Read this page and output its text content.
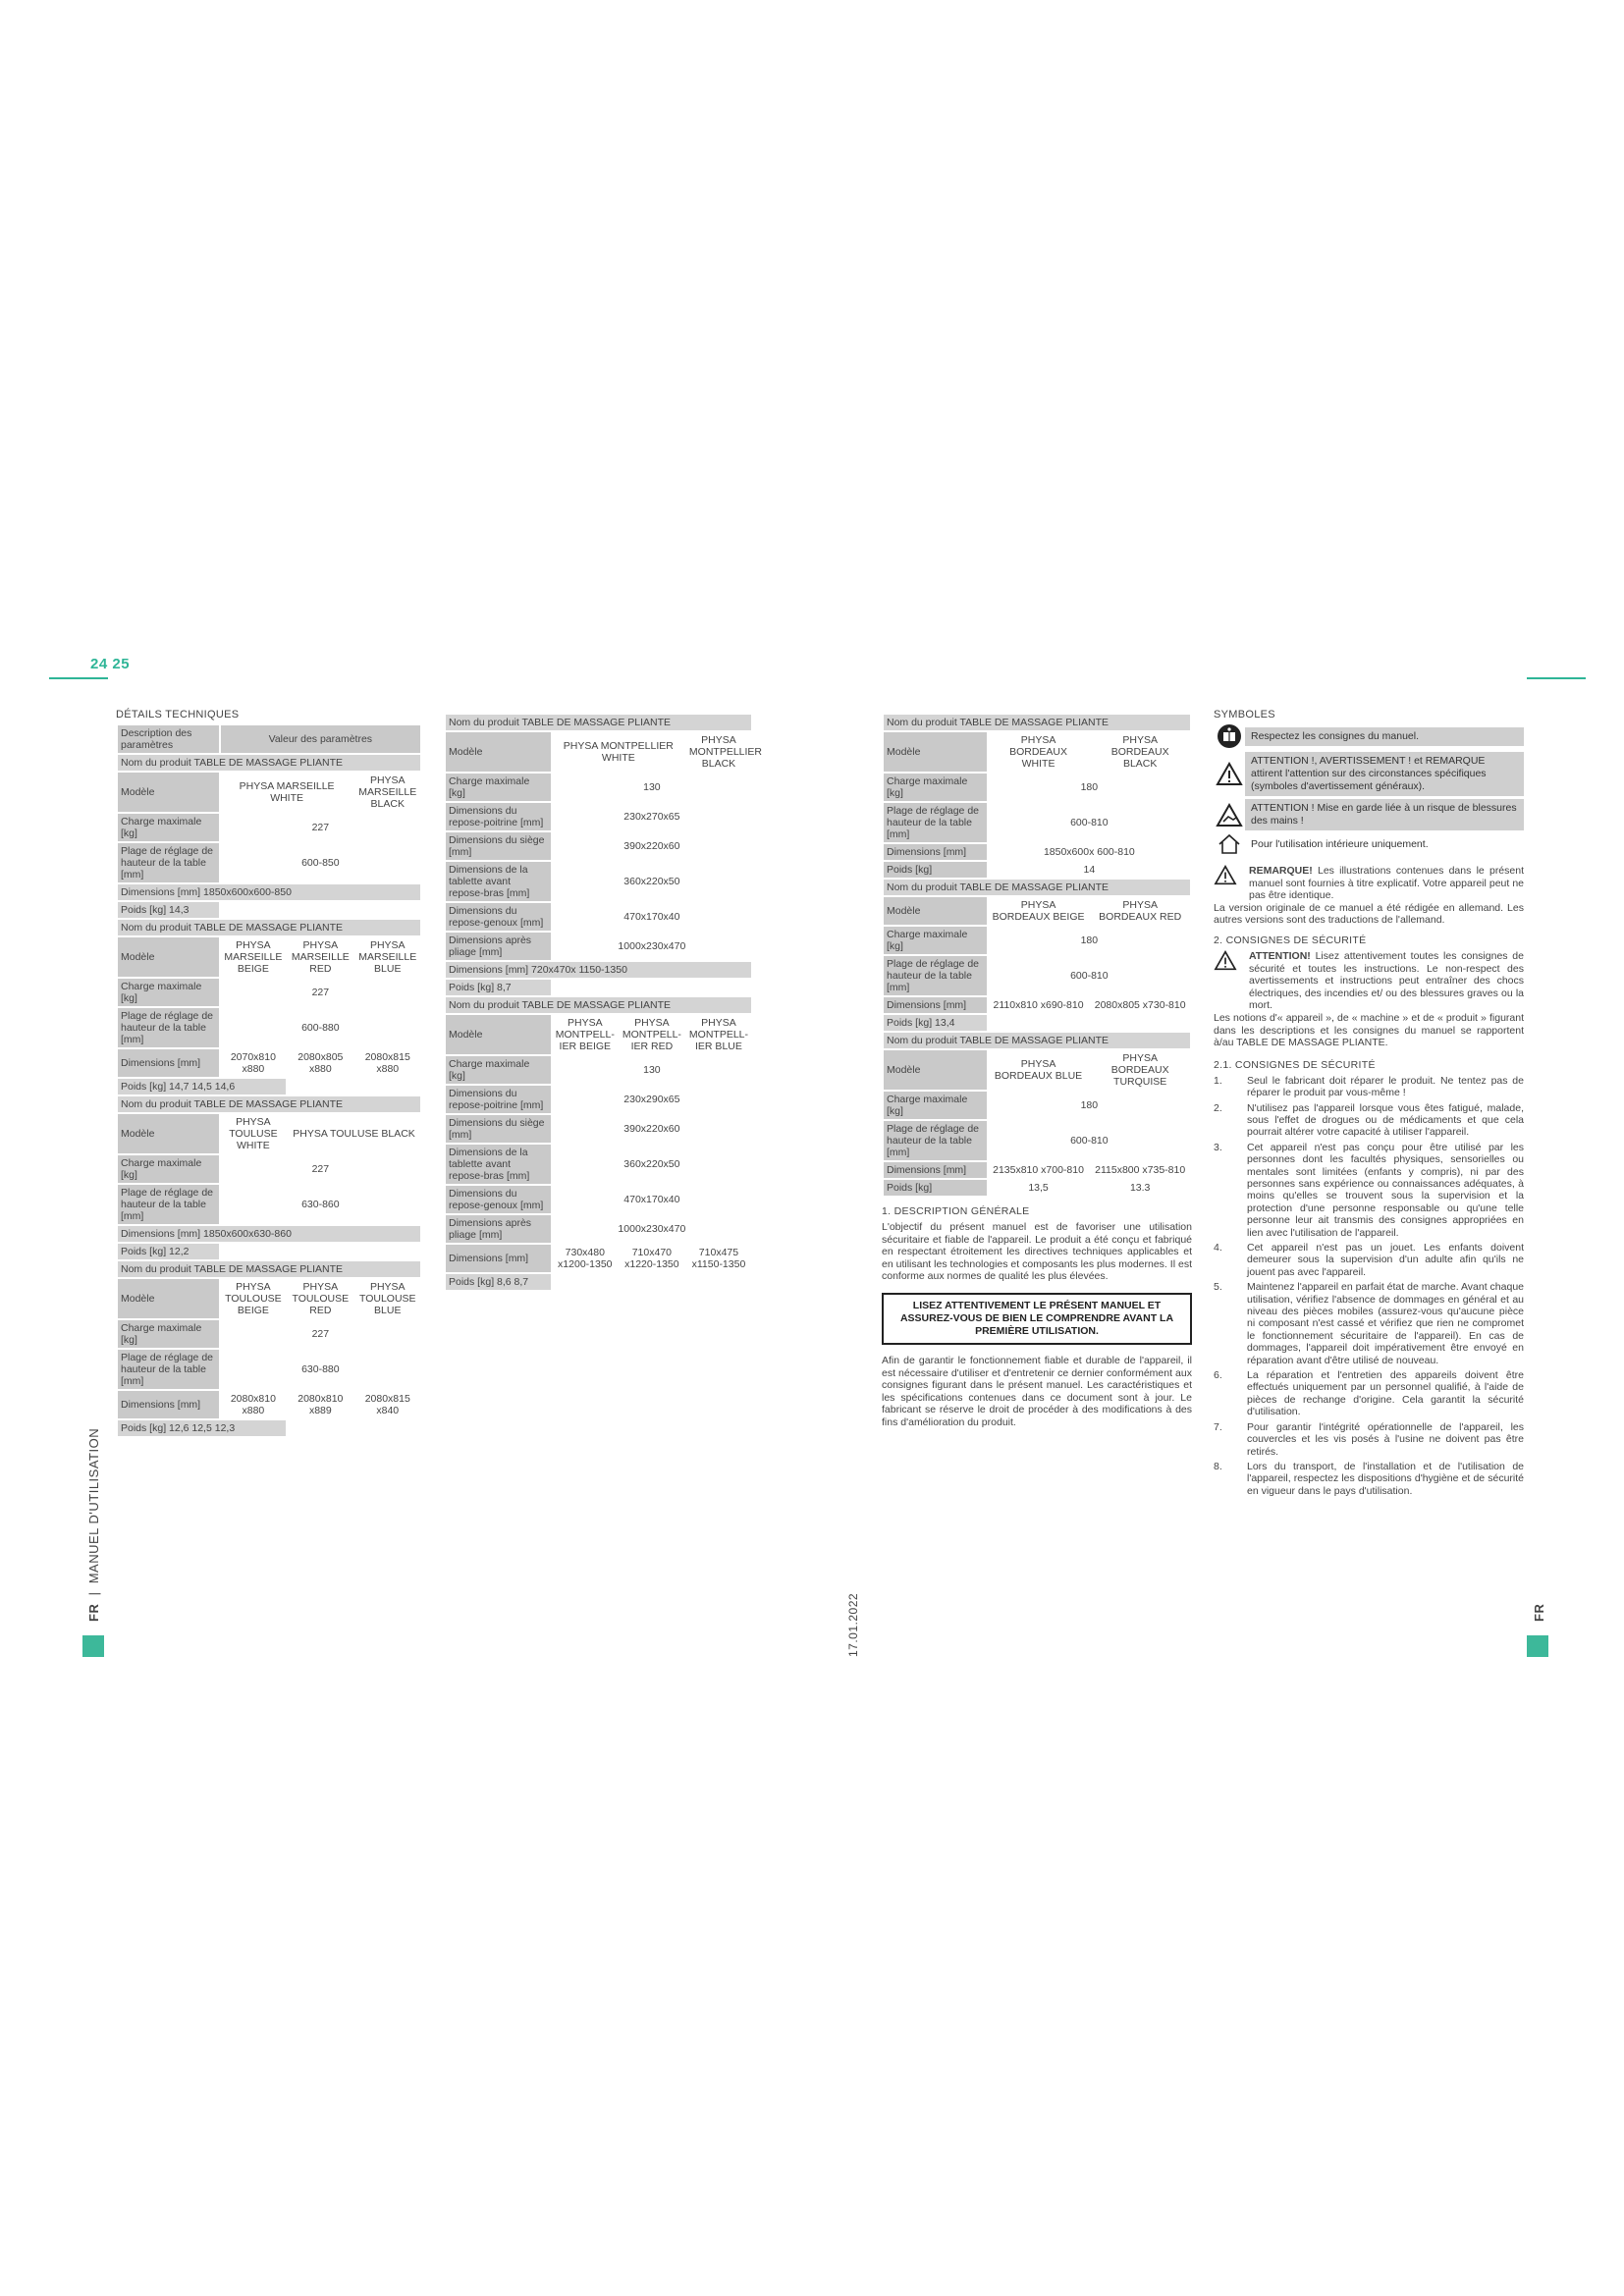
24 25
FR  |  MANUEL D'UTILISATION
17.01.2022	FR
DÉTAILS TECHNIQUES
Description des paramètres	Valeur des paramètres		
Nom du produit TABLE DE MASSAGE PLIANTE			
Modèle	PHYSA MARSEILLE WHITE		PHYSA MARSEILLE BLACK
Charge maximale [kg]	227		
Plage de réglage de hauteur de la table [mm]	600-850		
Dimensions [mm] 1850x600x600-850			
Poids [kg] 14,3			
Nom du produit TABLE DE MASSAGE PLIANTE			
Modèle	PHYSA MARSEILLE BEIGE	PHYSA MARSEILLE RED	PHYSA MARSEILLE BLUE
Charge maximale [kg]	227		
Plage de réglage de hauteur de la table [mm]	600-880		
Dimensions [mm]	2070x810 x880	2080x805 x880	2080x815 x880
Poids [kg] 14,7 14,5 14,6			
Nom du produit TABLE DE MASSAGE PLIANTE			
Modèle	PHYSA TOULUSE WHITE	PHYSA TOULUSE BLACK	
Charge maximale [kg]	227		
Plage de réglage de hauteur de la table [mm]	630-860		
Dimensions [mm] 1850x600x630-860			
Poids [kg] 12,2			
Nom du produit TABLE DE MASSAGE PLIANTE			
Modèle	PHYSA TOULOUSE BEIGE	PHYSA TOULOUSE RED	PHYSA TOULOUSE BLUE
Charge maximale [kg]	227		
Plage de réglage de hauteur de la table [mm]	630-880		
Dimensions [mm]	2080x810 x880	2080x810 x889	2080x815 x840
Poids [kg] 12,6 12,5 12,3			
Nom du produit TABLE DE MASSAGE PLIANTE			
Modèle	PHYSA MONTPELLIER WHITE		PHYSA MONTPELLIER BLACK
Charge maximale [kg]	130		
Dimensions du repose-poitrine [mm]	230x270x65		
Dimensions du siège [mm]	390x220x60		
Dimensions de la tablette avant repose-bras [mm]	360x220x50		
Dimensions du repose-genoux [mm]	470x170x40		
Dimensions après pliage [mm]	1000x230x470		
Dimensions [mm] 720x470x 1150-1350			
Poids [kg] 8,7			
Nom du produit TABLE DE MASSAGE PLIANTE			
Modèle	PHYSA MONTPELL-IER BEIGE	PHYSA MONTPELL-IER RED	PHYSA MONTPELL-IER BLUE
Charge maximale [kg]	130		
Dimensions du repose-poitrine [mm]	230x290x65		
Dimensions du siège [mm]	390x220x60		
Dimensions de la tablette avant repose-bras [mm]	360x220x50		
Dimensions du repose-genoux [mm]	470x170x40		
Dimensions après pliage [mm]	1000x230x470		
Dimensions [mm]	730x480 x1200-1350	710x470 x1220-1350	710x475 x1150-1350
Poids [kg] 8,6 8,7			
Nom du produit TABLE DE MASSAGE PLIANTE		
Modèle	PHYSA BORDEAUX WHITE	PHYSA BORDEAUX BLACK
Charge maximale [kg]	180	
Plage de réglage de hauteur de la table [mm]	600-810	
Dimensions [mm]	1850x600x 600-810	
Poids [kg]	14	
Nom du produit TABLE DE MASSAGE PLIANTE		
Modèle	PHYSA BORDEAUX BEIGE	PHYSA BORDEAUX RED
Charge maximale [kg]	180	
Plage de réglage de hauteur de la table [mm]	600-810	
Dimensions [mm]	2110x810 x690-810	2080x805 x730-810
Poids [kg] 13,4		
Nom du produit TABLE DE MASSAGE PLIANTE		
Modèle	PHYSA BORDEAUX BLUE	PHYSA BORDEAUX TURQUISE
Charge maximale [kg]	180	
Plage de réglage de hauteur de la table [mm]	600-810	
Dimensions [mm]	2135x810 x700-810	2115x800 x735-810
Poids [kg]	13,5	13.3
1. DESCRIPTION GÉNÉRALE

L'objectif du présent manuel est de favoriser une utilisation sécuritaire et fiable de l'appareil. Le produit a été conçu et fabriqué en respectant étroitement les directives techniques applicables et en utilisant les technologies et composants les plus modernes. Il est conforme aux normes de qualité les plus élevées.

LISEZ ATTENTIVEMENT LE PRÉSENT MANUEL ET ASSUREZ-VOUS DE BIEN LE COMPRENDRE AVANT LA PREMIÈRE UTILISATION.

Afin de garantir le fonctionnement fiable et durable de l'appareil, il est nécessaire d'utiliser et d'entretenir ce dernier conformément aux consignes figurant dans le présent manuel. Les caractéristiques et les spécifications contenues dans ce document sont à jour. Le fabricant se réserve le droit de procéder à des modifications à des fins d'amélioration du produit.

SYMBOLES
Respectez les consignes du manuel.
ATTENTION !, AVERTISSEMENT ! et REMARQUE attirent l'attention sur des circonstances spécifiques (symboles d'avertissement généraux).
ATTENTION ! Mise en garde liée à un risque de blessures des mains !
Pour l'utilisation intérieure uniquement.
REMARQUE! Les illustrations contenues dans le présent manuel sont fournies à titre explicatif. Votre appareil peut ne pas être identique.

La version originale de ce manuel a été rédigée en allemand. Les autres versions sont des traductions de l'allemand.

2. CONSIGNES DE SÉCURITÉ
ATTENTION! Lisez attentivement toutes les consignes de sécurité et toutes les instructions. Le non-respect des avertissements et instructions peut entraîner des chocs électriques, des incendies et/ ou des blessures graves ou la mort.

Les notions d'« appareil », de « machine » et de « produit » figurant dans les descriptions et les consignes du manuel se rapportent à/au TABLE DE MASSAGE PLIANTE.

2.1. CONSIGNES DE SÉCURITÉ
1.	Seul le fabricant doit réparer le produit. Ne tentez pas de réparer le produit par vous-même !
2.	N'utilisez pas l'appareil lorsque vous êtes fatigué, malade, sous l'effet de drogues ou de médicaments et que cela pourrait altérer votre capacité à utiliser l'appareil.
3.	Cet appareil n'est pas conçu pour être utilisé par les personnes dont les facultés physiques, sensorielles ou mentales sont limitées (enfants y compris), ni par des personnes sans expérience ou connaissances adéquates, à moins qu'elles se trouvent sous la supervision et la protection d'une personne responsable ou qu'une telle personne leur ait transmis des consignes appropriées en lien avec l'utilisation de l'appareil.
4.	Cet appareil n'est pas un jouet. Les enfants doivent demeurer sous la supervision d'un adulte afin qu'ils ne jouent pas avec l'appareil.
5.	Maintenez l'appareil en parfait état de marche. Avant chaque utilisation, vérifiez l'absence de dommages en général et au niveau des pièces mobiles (assurez-vous qu'aucune pièce ni composant n'est cassé et vérifiez que rien ne compromet le fonctionnement sécuritaire de l'appareil). En cas de dommages, l'appareil doit impérativement être envoyé en réparation avant d'être utilisé de nouveau.
6.	La réparation et l'entretien des appareils doivent être effectués uniquement par un personnel qualifié, à l'aide de pièces de rechange d'origine. Cela garantit la sécurité d'utilisation.
7.	Pour garantir l'intégrité opérationnelle de l'appareil, les couvercles et les vis posés à l'usine ne doivent pas être retirés.
8.	Lors du transport, de l'installation et de l'utilisation de l'appareil, respectez les dispositions d'hygiène et de sécurité en vigueur dans le pays d'utilisation.
